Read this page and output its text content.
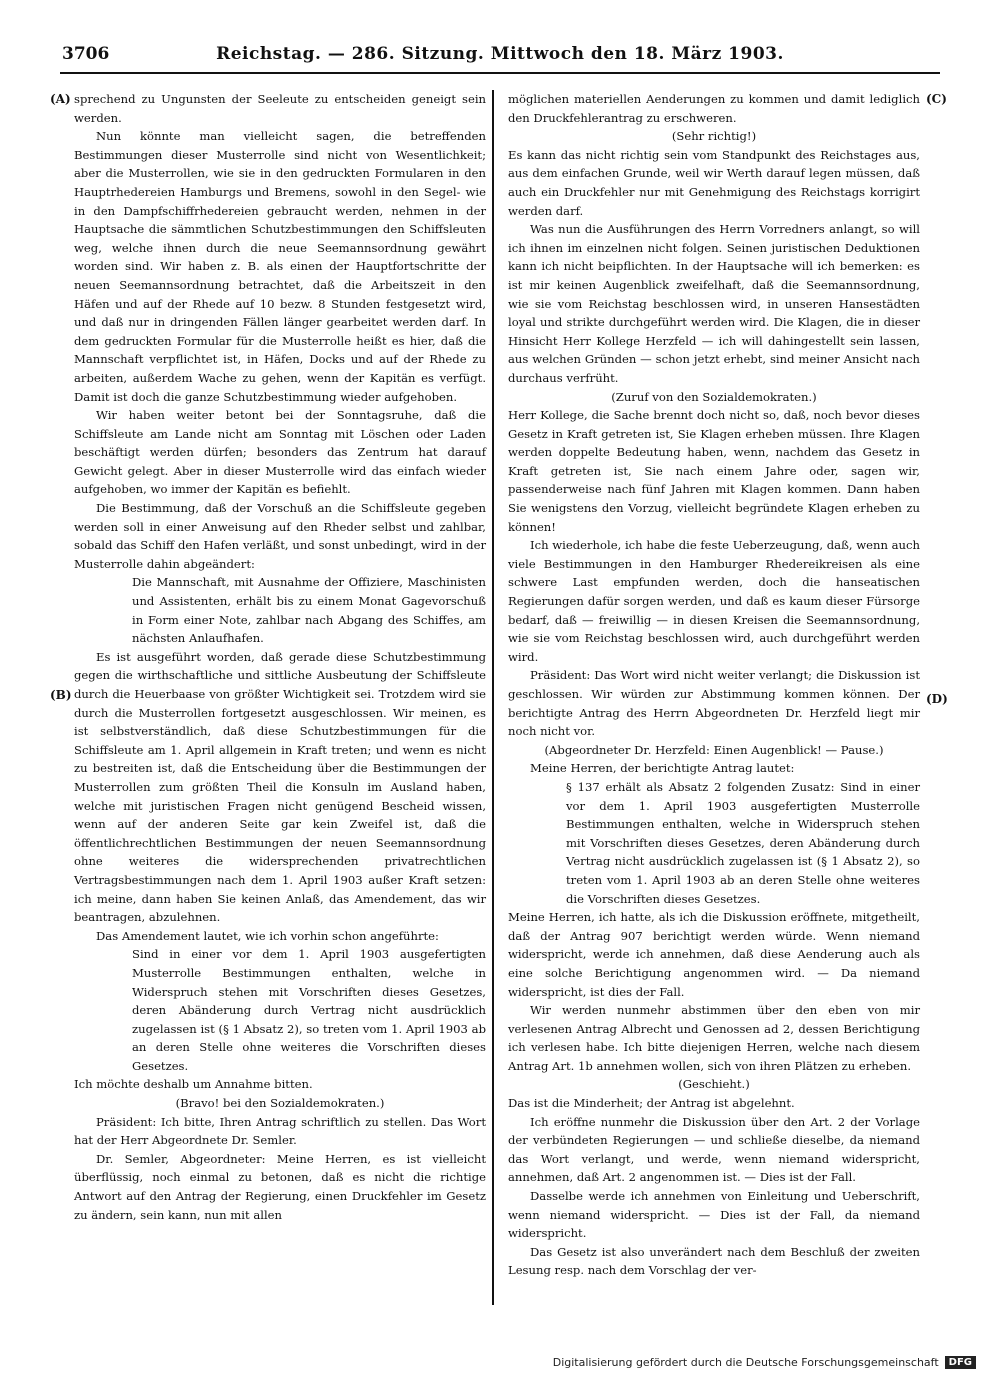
3706	Reichstag. — 286. Sitzung. Mittwoch den 18. März 1903.
(A)
(B)
(C)
(D)

sprechend zu Ungunsten der Seeleute zu entscheiden geneigt sein werden.

Nun könnte man vielleicht sagen, die betreffenden Bestimmungen dieser Musterrolle sind nicht von Wesentlichkeit; aber die Musterrollen, wie sie in den gedruckten Formularen in den Hauptrhedereien Hamburgs und Bremens, sowohl in den Segel- wie in den Dampfschiffrhedereien gebraucht werden, nehmen in der Hauptsache die sämmtlichen Schutzbestimmungen den Schiffsleuten weg, welche ihnen durch die neue Seemannsordnung gewährt worden sind. Wir haben z. B. als einen der Hauptfortschritte der neuen Seemannsordnung betrachtet, daß die Arbeitszeit in den Häfen und auf der Rhede auf 10 bezw. 8 Stunden festgesetzt wird, und daß nur in dringenden Fällen länger gearbeitet werden darf. In dem gedruckten Formular für die Musterrolle heißt es hier, daß die Mannschaft verpflichtet ist, in Häfen, Docks und auf der Rhede zu arbeiten, außerdem Wache zu gehen, wenn der Kapitän es verfügt. Damit ist doch die ganze Schutzbestimmung wieder aufgehoben.

Wir haben weiter betont bei der Sonntagsruhe, daß die Schiffsleute am Lande nicht am Sonntag mit Löschen oder Laden beschäftigt werden dürfen; besonders das Zentrum hat darauf Gewicht gelegt. Aber in dieser Musterrolle wird das einfach wieder aufgehoben, wo immer der Kapitän es befiehlt.

Die Bestimmung, daß der Vorschuß an die Schiffsleute gegeben werden soll in einer Anweisung auf den Rheder selbst und zahlbar, sobald das Schiff den Hafen verläßt, und sonst unbedingt, wird in der Musterrolle dahin abgeändert:

Die Mannschaft, mit Ausnahme der Offiziere, Maschinisten und Assistenten, erhält bis zu einem Monat Gagevorschuß in Form einer Note, zahlbar nach Abgang des Schiffes, am nächsten Anlaufhafen.

Es ist ausgeführt worden, daß gerade diese Schutzbestimmung gegen die wirthschaftliche und sittliche Ausbeutung der Schiffsleute durch die Heuerbaase von größter Wichtigkeit sei. Trotzdem wird sie durch die Musterrollen fortgesetzt ausgeschlossen. Wir meinen, es ist selbstverständlich, daß diese Schutzbestimmungen für die Schiffsleute am 1. April allgemein in Kraft treten; und wenn es nicht zu bestreiten ist, daß die Entscheidung über die Bestimmungen der Musterrollen zum größten Theil die Konsuln im Ausland haben, welche mit juristischen Fragen nicht genügend Bescheid wissen, wenn auf der anderen Seite gar kein Zweifel ist, daß die öffentlichrechtlichen Bestimmungen der neuen Seemannsordnung ohne weiteres die widersprechenden privatrechtlichen Vertragsbestimmungen nach dem 1. April 1903 außer Kraft setzen: ich meine, dann haben Sie keinen Anlaß, das Amendement, das wir beantragen, abzulehnen.

Das Amendement lautet, wie ich vorhin schon angeführte:

Sind in einer vor dem 1. April 1903 ausgefertigten Musterrolle Bestimmungen enthalten, welche in Widerspruch stehen mit Vorschriften dieses Gesetzes, deren Abänderung durch Vertrag nicht ausdrücklich zugelassen ist (§ 1 Absatz 2), so treten vom 1. April 1903 ab an deren Stelle ohne weiteres die Vorschriften dieses Gesetzes.

Ich möchte deshalb um Annahme bitten.

(Bravo! bei den Sozialdemokraten.)

Präsident: Ich bitte, Ihren Antrag schriftlich zu stellen. Das Wort hat der Herr Abgeordnete Dr. Semler.

Dr. Semler, Abgeordneter: Meine Herren, es ist vielleicht überflüssig, noch einmal zu betonen, daß es nicht die richtige Antwort auf den Antrag der Regierung, einen Druckfehler im Gesetz zu ändern, sein kann, nun mit allen

möglichen materiellen Aenderungen zu kommen und damit lediglich den Druckfehlerantrag zu erschweren.

(Sehr richtig!)

Es kann das nicht richtig sein vom Standpunkt des Reichstages aus, aus dem einfachen Grunde, weil wir Werth darauf legen müssen, daß auch ein Druckfehler nur mit Genehmigung des Reichstags korrigirt werden darf.

Was nun die Ausführungen des Herrn Vorredners anlangt, so will ich ihnen im einzelnen nicht folgen. Seinen juristischen Deduktionen kann ich nicht beipflichten. In der Hauptsache will ich bemerken: es ist mir keinen Augenblick zweifelhaft, daß die Seemannsordnung, wie sie vom Reichstag beschlossen wird, in unseren Hansestädten loyal und strikte durchgeführt werden wird. Die Klagen, die in dieser Hinsicht Herr Kollege Herzfeld — ich will dahingestellt sein lassen, aus welchen Gründen — schon jetzt erhebt, sind meiner Ansicht nach durchaus verfrüht.

(Zuruf von den Sozialdemokraten.)

Herr Kollege, die Sache brennt doch nicht so, daß, noch bevor dieses Gesetz in Kraft getreten ist, Sie Klagen erheben müssen. Ihre Klagen werden doppelte Bedeutung haben, wenn, nachdem das Gesetz in Kraft getreten ist, Sie nach einem Jahre oder, sagen wir, passenderweise nach fünf Jahren mit Klagen kommen. Dann haben Sie wenigstens den Vorzug, vielleicht begründete Klagen erheben zu können!

Ich wiederhole, ich habe die feste Ueberzeugung, daß, wenn auch viele Bestimmungen in den Hamburger Rhedereikreisen als eine schwere Last empfunden werden, doch die hanseatischen Regierungen dafür sorgen werden, und daß es kaum dieser Fürsorge bedarf, daß — freiwillig — in diesen Kreisen die Seemannsordnung, wie sie vom Reichstag beschlossen wird, auch durchgeführt werden wird.

Präsident: Das Wort wird nicht weiter verlangt; die Diskussion ist geschlossen. Wir würden zur Abstimmung kommen können. Der berichtigte Antrag des Herrn Abgeordneten Dr. Herzfeld liegt mir noch nicht vor.

(Abgeordneter Dr. Herzfeld: Einen Augenblick! — Pause.)

Meine Herren, der berichtigte Antrag lautet:

§ 137 erhält als Absatz 2 folgenden Zusatz: Sind in einer vor dem 1. April 1903 ausgefertigten Musterrolle Bestimmungen enthalten, welche in Widerspruch stehen mit Vorschriften dieses Gesetzes, deren Abänderung durch Vertrag nicht ausdrücklich zugelassen ist (§ 1 Absatz 2), so treten vom 1. April 1903 ab an deren Stelle ohne weiteres die Vorschriften dieses Gesetzes.

Meine Herren, ich hatte, als ich die Diskussion eröffnete, mitgetheilt, daß der Antrag 907 berichtigt werden würde. Wenn niemand widerspricht, werde ich annehmen, daß diese Aenderung auch als eine solche Berichtigung angenommen wird. — Da niemand widerspricht, ist dies der Fall.

Wir werden nunmehr abstimmen über den eben von mir verlesenen Antrag Albrecht und Genossen ad 2, dessen Berichtigung ich verlesen habe. Ich bitte diejenigen Herren, welche nach diesem Antrag Art. 1b annehmen wollen, sich von ihren Plätzen zu erheben.

(Geschieht.)

Das ist die Minderheit; der Antrag ist abgelehnt.

Ich eröffne nunmehr die Diskussion über den Art. 2 der Vorlage der verbündeten Regierungen — und schließe dieselbe, da niemand das Wort verlangt, und werde, wenn niemand widerspricht, annehmen, daß Art. 2 angenommen ist. — Dies ist der Fall.

Dasselbe werde ich annehmen von Einleitung und Ueberschrift, wenn niemand widerspricht. — Dies ist der Fall, da niemand widerspricht.

Das Gesetz ist also unverändert nach dem Beschluß der zweiten Lesung resp. nach dem Vorschlag der ver-

Digitalisierung gefördert durch die Deutsche Forschungsgemeinschaft	DFG
